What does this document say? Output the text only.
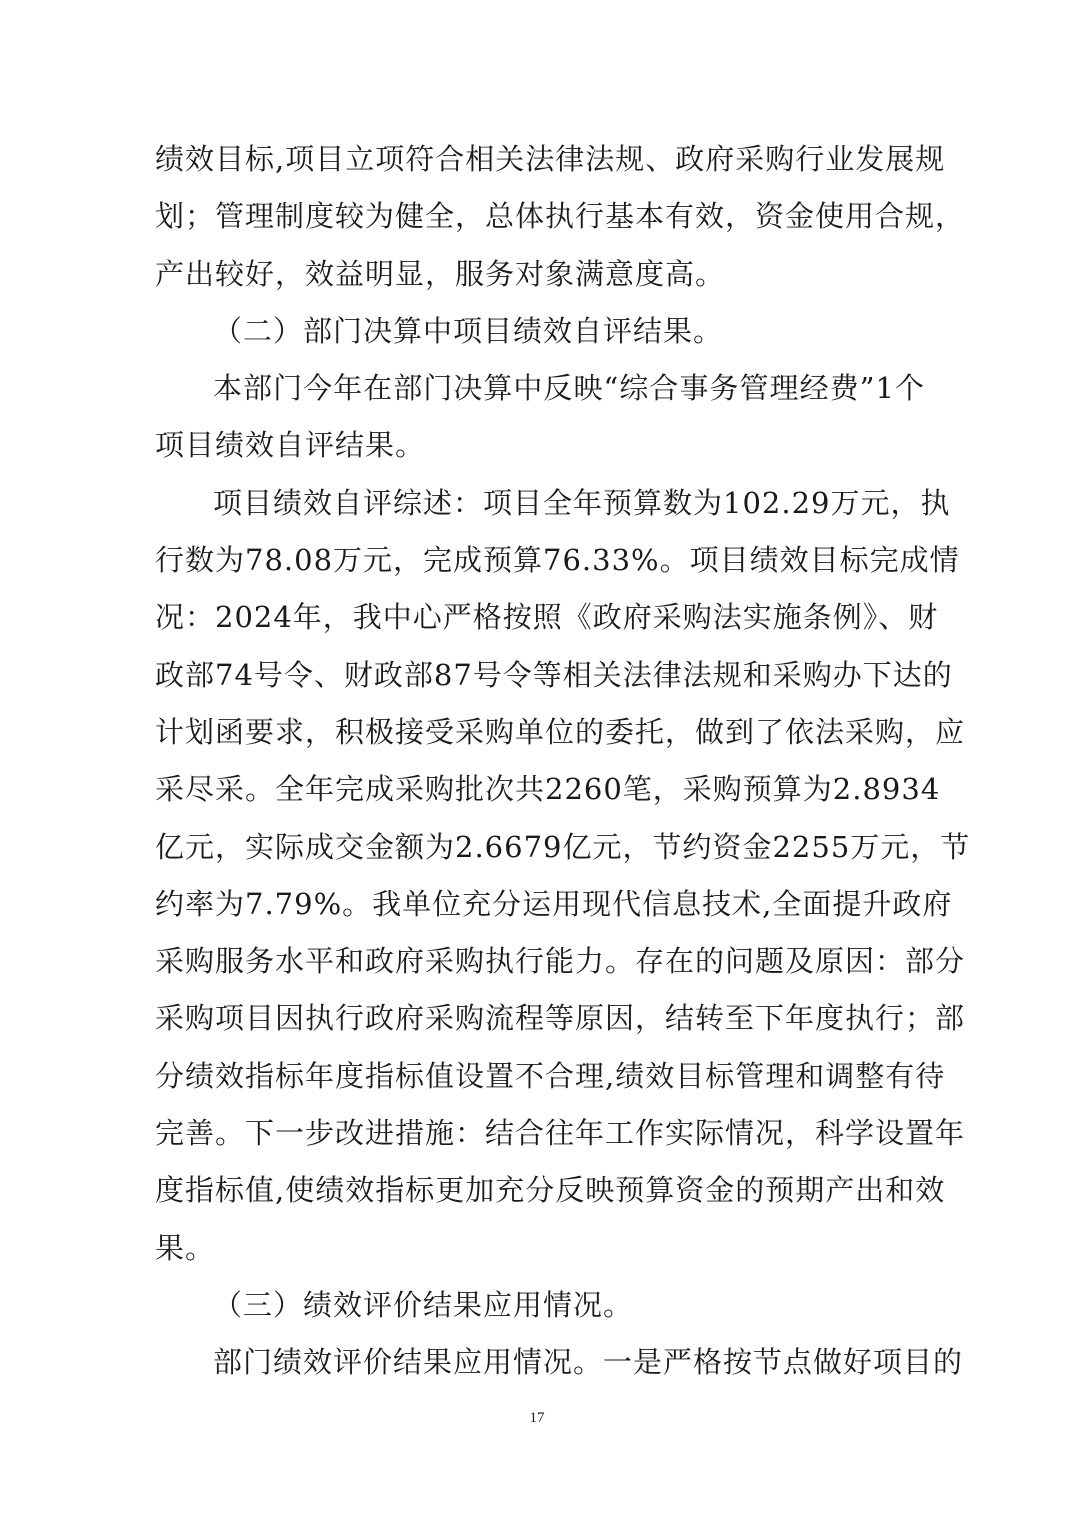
绩效目标,项目立项符合相关法律法规、政府采购行业发展规
划；管理制度较为健全，总体执行基本有效，资金使用合规，
产出较好，效益明显，服务对象满意度高。
（二）部门决算中项目绩效自评结果。
本部门今年在部门决算中反映“综合事务管理经费”1个
项目绩效自评结果。
项目绩效自评综述：项目全年预算数为102.29万元，执
行数为78.08万元，完成预算76.33%。项目绩效目标完成情
况：2024年，我中心严格按照《政府采购法实施条例》、财
政部74号令、财政部87号令等相关法律法规和采购办下达的
计划函要求，积极接受采购单位的委托，做到了依法采购，应
采尽采。全年完成采购批次共2260笔，采购预算为2.8934
亿元，实际成交金额为2.6679亿元，节约资金2255万元，节
约率为7.79%。我单位充分运用现代信息技术,全面提升政府
采购服务水平和政府采购执行能力。存在的问题及原因：部分
采购项目因执行政府采购流程等原因，结转至下年度执行；部
分绩效指标年度指标值设置不合理,绩效目标管理和调整有待
完善。下一步改进措施：结合往年工作实际情况，科学设置年
度指标值,使绩效指标更加充分反映预算资金的预期产出和效
果。
（三）绩效评价结果应用情况。
部门绩效评价结果应用情况。一是严格按节点做好项目的
17
